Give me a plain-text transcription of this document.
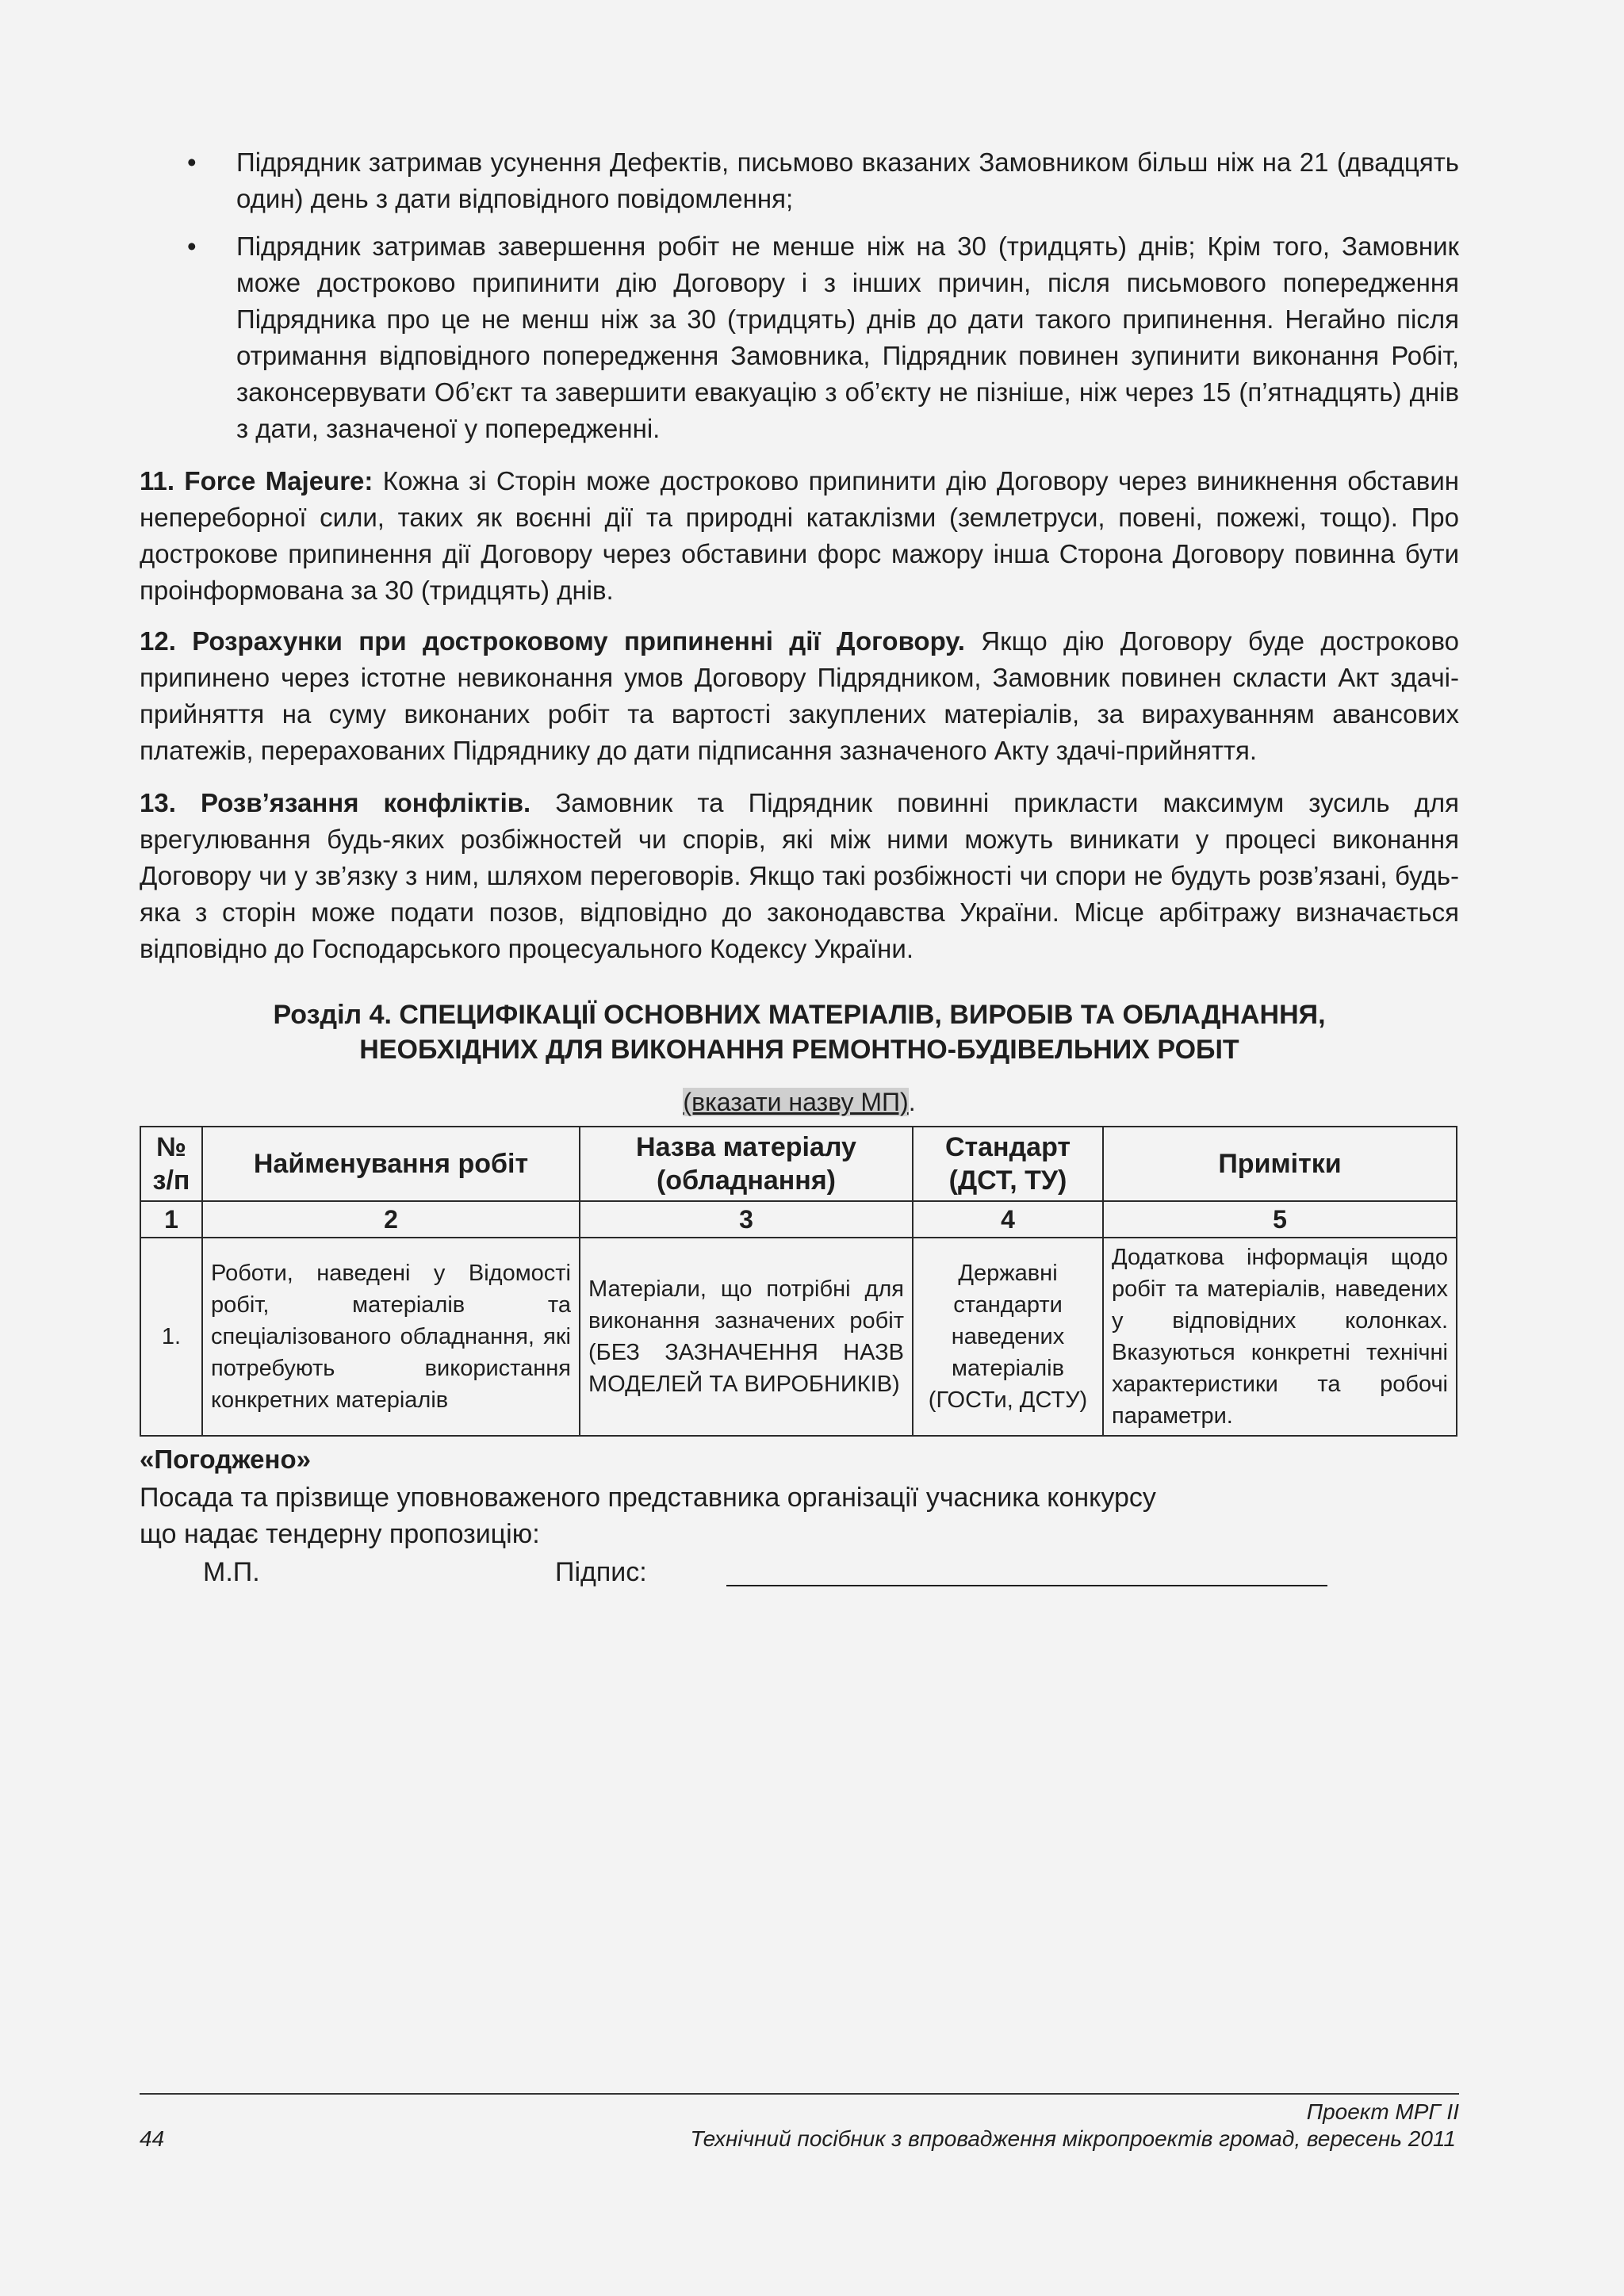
• Підрядник затримав усунення Дефектів, письмово вказаних Замовником більш ніж на 21 (двадцять один) день з дати відповідного повідомлення;
• Підрядник затримав завершення робіт не менше ніж на 30 (тридцять) днів; Крім того, Замовник може достроково припинити дію Договору і з інших причин, після письмового попередження Підрядника про це не менш ніж за 30 (тридцять) днів до дати такого припинення. Негайно після отримання відповідного попередження Замовника, Підрядник повинен зупинити виконання Робіт, законсервувати Об’єкт та завершити евакуацію з об’єкту не пізніше, ніж через 15 (п’ятнадцять) днів з дати, зазначеної у попередженні.

11. Force Majeure: Кожна зі Сторін може достроково припинити дію Договору через виникнення обставин непереборної сили, таких як воєнні дії та природні катаклізми (землетруси, повені, пожежі, тощо). Про дострокове припинення дії Договору через обставини форс мажору інша Сторона Договору повинна бути проінформована за 30 (тридцять) днів.

12. Розрахунки при достроковому припиненні дії Договору. Якщо дію Договору буде достроково припинено через істотне невиконання умов Договору Підрядником, Замовник повинен скласти Акт здачі-прийняття на суму виконаних робіт та вартості закуплених матеріалів, за вирахуванням авансових платежів, перерахованих Підряднику до дати підписання зазначеного Акту здачі-прийняття.

13. Розв’язання конфліктів. Замовник та Підрядник повинні прикласти максимум зусиль для врегулювання будь-яких розбіжностей чи спорів, які між ними можуть виникати у процесі виконання Договору чи у зв’язку з ним, шляхом переговорів. Якщо такі розбіжності чи спори не будуть розв’язані, будь-яка з сторін може подати позов, відповідно до законодавства України. Місце арбітражу визначається відповідно до Господарського процесуального Кодексу України.

Розділ 4. СПЕЦИФІКАЦІЇ ОСНОВНИХ МАТЕРІАЛІВ, ВИРОБІВ ТА ОБЛАДНАННЯ,
НЕОБХІДНИХ ДЛЯ ВИКОНАННЯ РЕМОНТНО-БУДІВЕЛЬНИХ РОБІТ
(вказати назву МП).
№ з/п	Найменування робіт	Назва матеріалу (обладнання)	Стандарт (ДСТ, ТУ)	Примітки
1	2	3	4	5
1.	Роботи, наведені у Відомості робіт, матеріалів та спеціалізованого обладнання, які потребують використання конкретних матеріалів	Матеріали, що потрібні для виконання зазначених робіт (БЕЗ ЗАЗНАЧЕННЯ НАЗВ МОДЕЛЕЙ ТА ВИРОБНИКІВ)	Державні стандарти наведених матеріалів (ГОСТи, ДСТУ)	Додаткова інформація щодо робіт та матеріалів, наведених у відповідних колонках. Вказуються конкретні технічні характеристики та робочі параметри.

«Погоджено»

Посада та прізвище уповноваженого представника організації учасника конкурсу що надає тендерну пропозицію:

М.П.	Підпис:
Проект МРГ ІІ
44	Технічний посібник з впровадження мікропроектів громад, вересень 2011
